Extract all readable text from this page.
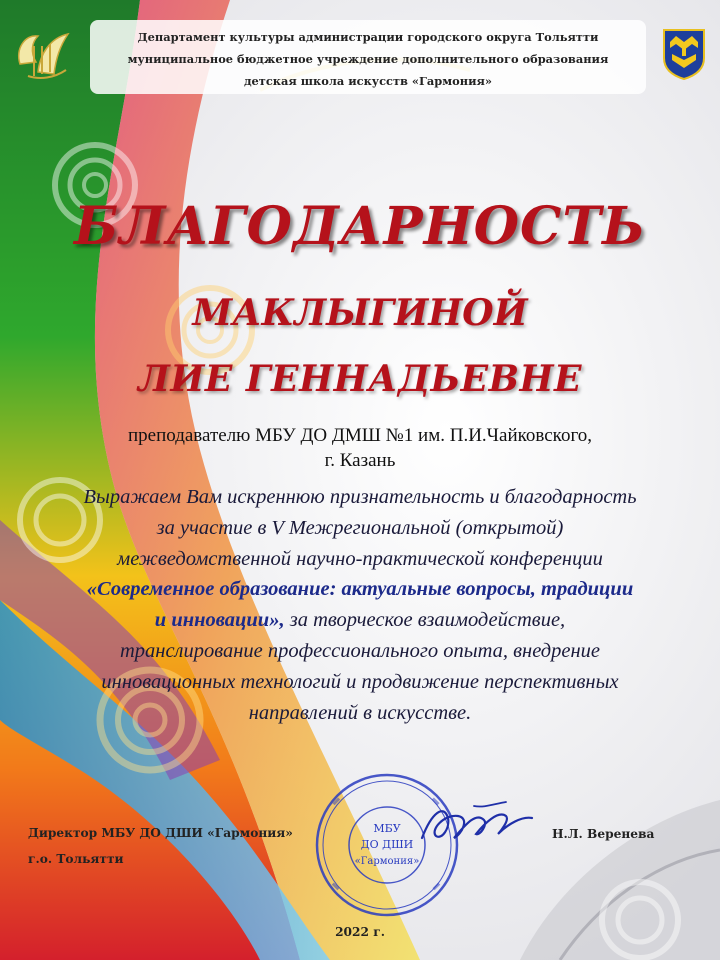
Департамент культуры администрации городского округа Тольятти
муниципальное бюджетное учреждение дополнительного образования
детская школа искусств «Гармония»
БЛАГОДАРНОСТЬ
МАКЛЫГИНОЙ
ЛИЕ ГЕННАДЬЕВНЕ
преподавателю МБУ ДО ДМШ №1 им. П.И.Чайковского,
г. Казань
Выражаем Вам искреннюю признательность и благодарность
за участие в V Межрегиональной (открытой)
межведомственной научно-практической конференции
«Современное образование: актуальные вопросы, традиции
и инновации», за творческое взаимодействие,
транслирование профессионального опыта, внедрение
инновационных технологий и продвижение перспективных
направлений в искусстве.
МБУ
ДО ДШИ
«Гармония»
Директор МБУ ДО ДШИ «Гармония»
г.о. Тольятти
Н.Л. Веренева
2022 г.
